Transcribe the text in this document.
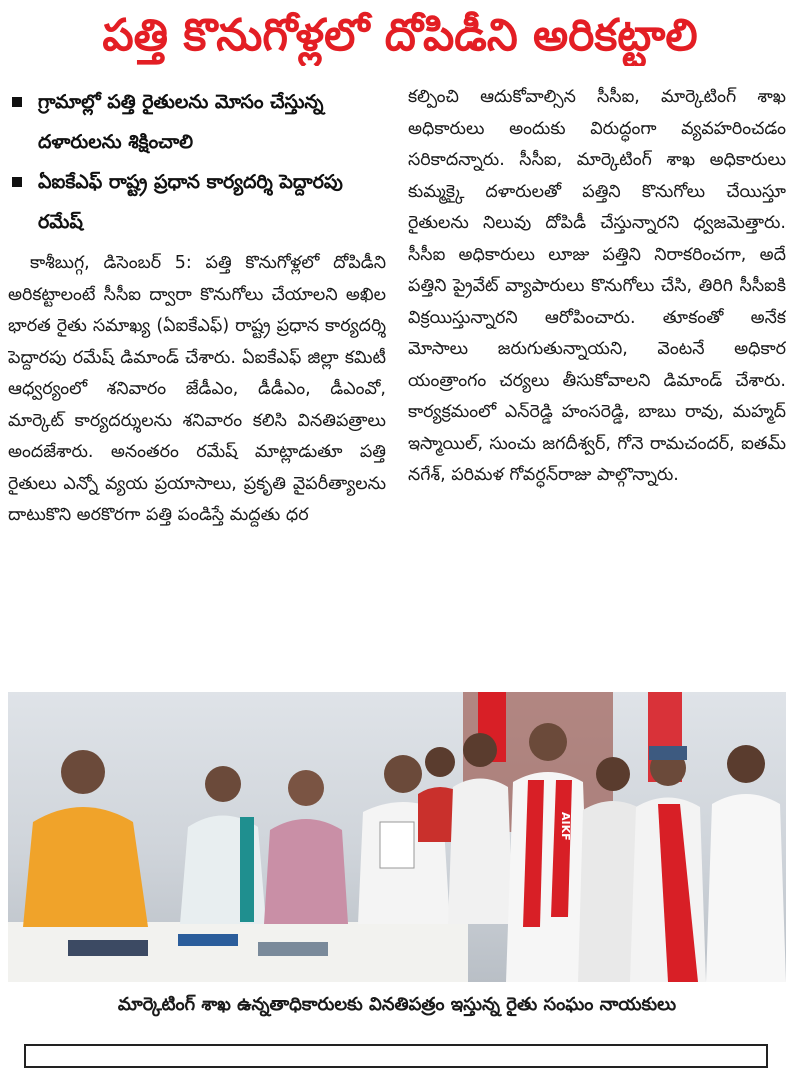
పత్తి కొనుగోళ్లలో దోపిడీని అరికట్టాలి
గ్రామాల్లో పత్తి రైతులను మోసం చేస్తున్న దళారులను శిక్షించాలి
ఏఐకేఎఫ్ రాష్ట్ర ప్రధాన కార్యదర్శి పెద్దారపు రమేష్

కాశీబుగ్గ, డిసెంబర్ 5: పత్తి కొనుగోళ్లలో దోపిడీని అరికట్టాలంటే సీసీఐ ద్వారా కొనుగోలు చేయాలని అఖిల భారత రైతు సమాఖ్య (ఏఐకేఎఫ్) రాష్ట్ర ప్రధాన కార్యదర్శి పెద్దారపు రమేష్ డిమాండ్ చేశారు. ఏఐకేఎఫ్ జిల్లా కమిటీ ఆధ్వర్యంలో శనివారం జేడీఎం, డీడీఎం, డీఎంవో, మార్కెట్ కార్యదర్శులను శనివారం కలిసి వినతిపత్రాలు అందజేశారు. అనంతరం రమేష్ మాట్లాడుతూ పత్తి రైతులు ఎన్నో వ్యయ ప్రయాసాలు, ప్రకృతి వైపరీత్యాలను దాటుకొని అరకొరగా పత్తి పండిస్తే మద్దతు ధర

కల్పించి ఆదుకోవాల్సిన సీసీఐ, మార్కెటింగ్ శాఖ అధికారులు అందుకు విరుద్ధంగా వ్యవహరించడం సరికాదన్నారు. సీసీఐ, మార్కెటింగ్ శాఖ అధికారులు కుమ్మక్కై దళారులతో పత్తిని కొనుగోలు చేయిస్తూ రైతులను నిలువు దోపిడీ చేస్తున్నారని ధ్వజమెత్తారు. సీసీఐ అధికారులు లూజు పత్తిని నిరాకరించగా, అదే పత్తిని ప్రైవేట్ వ్యాపారులు కొనుగోలు చేసి, తిరిగి సీసీఐకి విక్రయిస్తున్నారని ఆరోపించారు. తూకంతో అనేక మోసాలు జరుగుతున్నాయని, వెంటనే అధికార యంత్రాంగం చర్యలు తీసుకోవాలని డిమాండ్ చేశారు. కార్యక్రమంలో ఎన్‌రెడ్డి హంసరెడ్డి, బాబు రావు, మహ్మద్ ఇస్మాయిల్, సుంచు జగదీశ్వర్, గోనె రామచందర్, ఐతమ్ నగేశ్, పరిమళ గోవర్ధన్‌రాజు పాల్గొన్నారు.

AIKF

మార్కెటింగ్ శాఖ ఉన్నతాధికారులకు వినతిపత్రం ఇస్తున్న రైతు సంఘం నాయకులు
